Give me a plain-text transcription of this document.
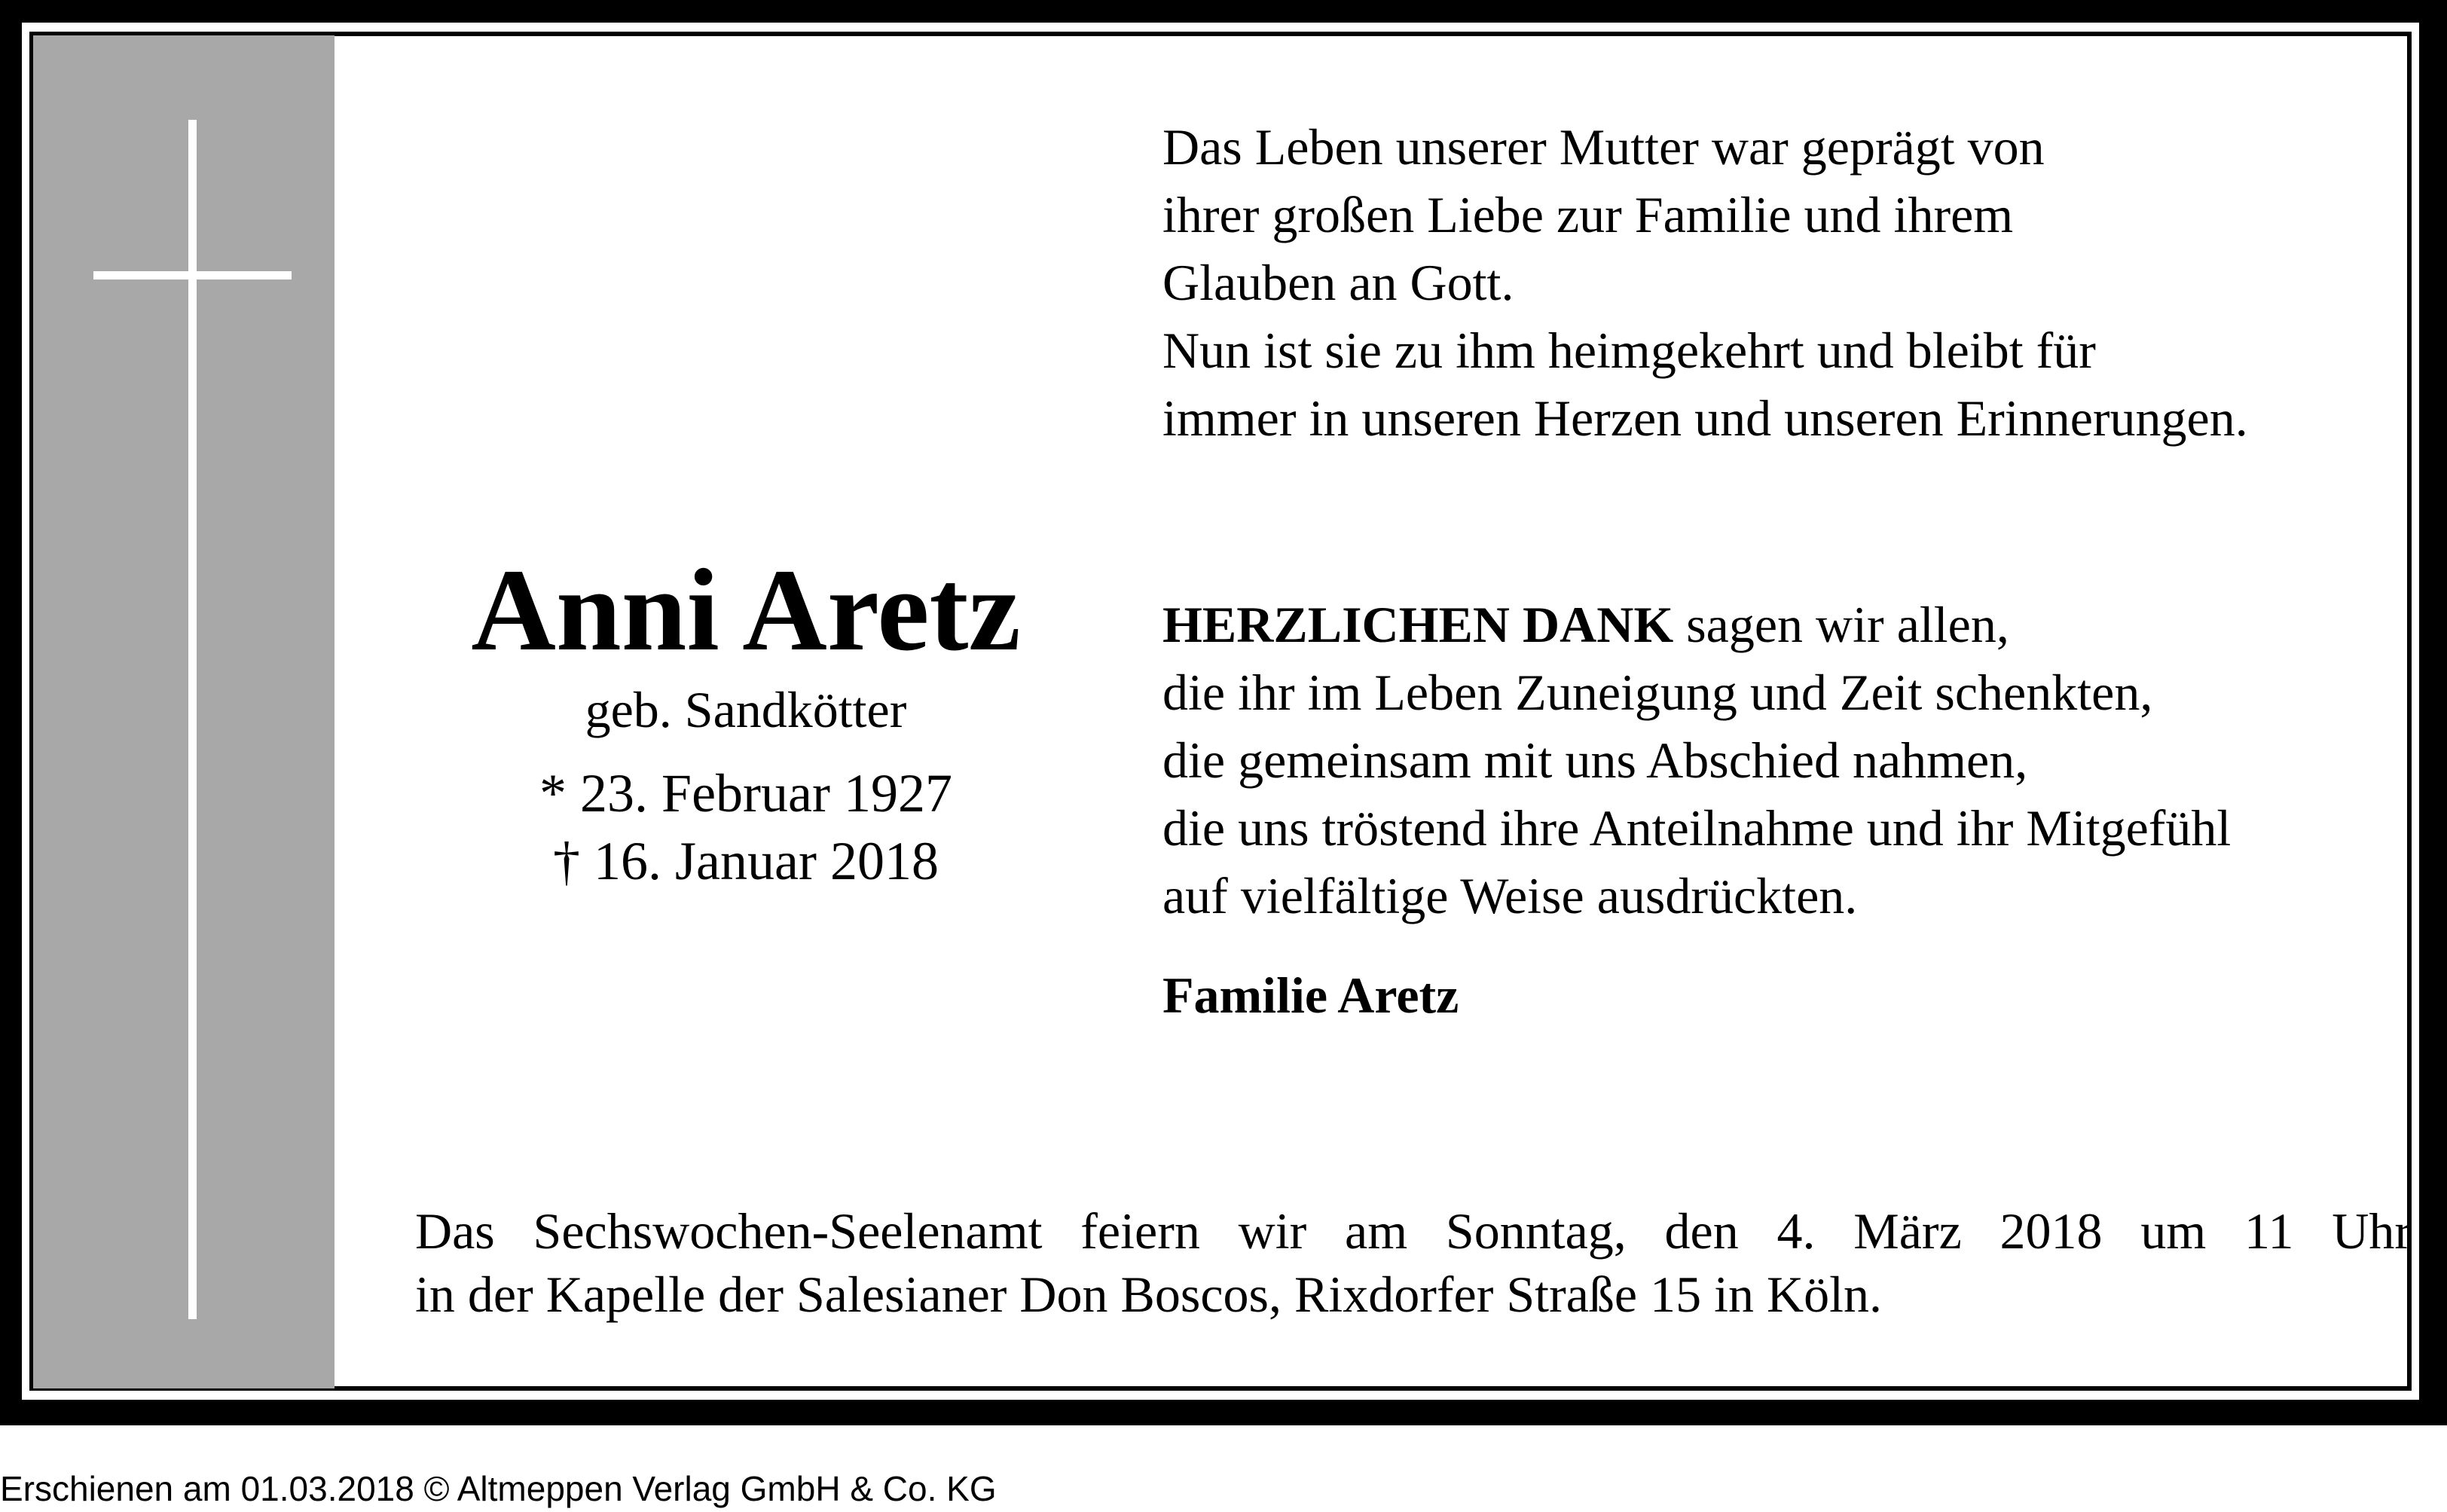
Anni Aretz
geb. Sandkötter
* 23. Februar 1927
† 16. Januar 2018
Das Leben unserer Mutter war geprägt von
ihrer großen Liebe zur Familie und ihrem
Glauben an Gott.
Nun ist sie zu ihm heimgekehrt und bleibt für
immer in unseren Herzen und unseren Erinnerungen.
HERZLICHEN DANK sagen wir allen,
die ihr im Leben Zuneigung und Zeit schenkten,
die gemeinsam mit uns Abschied nahmen,
die uns tröstend ihre Anteilnahme und ihr Mitgefühl
auf vielfältige Weise ausdrückten.
Familie Aretz
Das Sechswochen-Seelenamt feiern wir am Sonntag, den 4. März 2018 um 11 Uhr
in der Kapelle der Salesianer Don Boscos, Rixdorfer Straße 15 in Köln.
Erschienen am 01.03.2018 © Altmeppen Verlag GmbH & Co. KG
